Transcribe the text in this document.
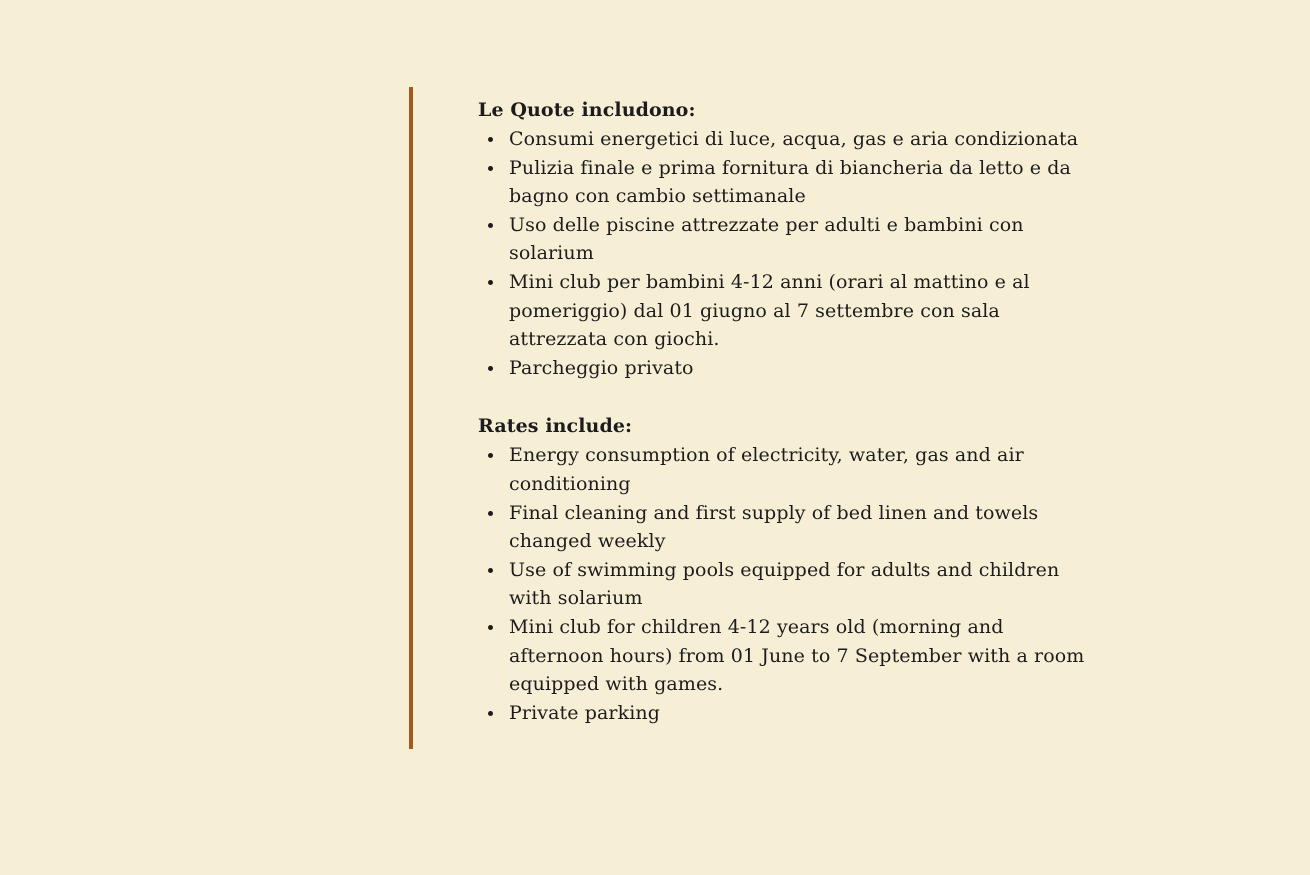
Le Quote includono:
Consumi energetici di luce, acqua, gas e aria condizionata
Pulizia finale e prima fornitura di biancheria da letto e da bagno con cambio settimanale
Uso delle piscine attrezzate per adulti e bambini con solarium
Mini club per bambini 4-12 anni (orari al mattino e al pomeriggio) dal 01 giugno al 7 settembre con sala attrezzata con giochi.
Parcheggio privato
Rates include:
Energy consumption of electricity, water, gas and air conditioning
Final cleaning and first supply of bed linen and towels changed weekly
Use of swimming pools equipped for adults and children with solarium
Mini club for children 4-12 years old (morning and afternoon hours) from 01 June to 7 September with a room equipped with games.
Private parking
